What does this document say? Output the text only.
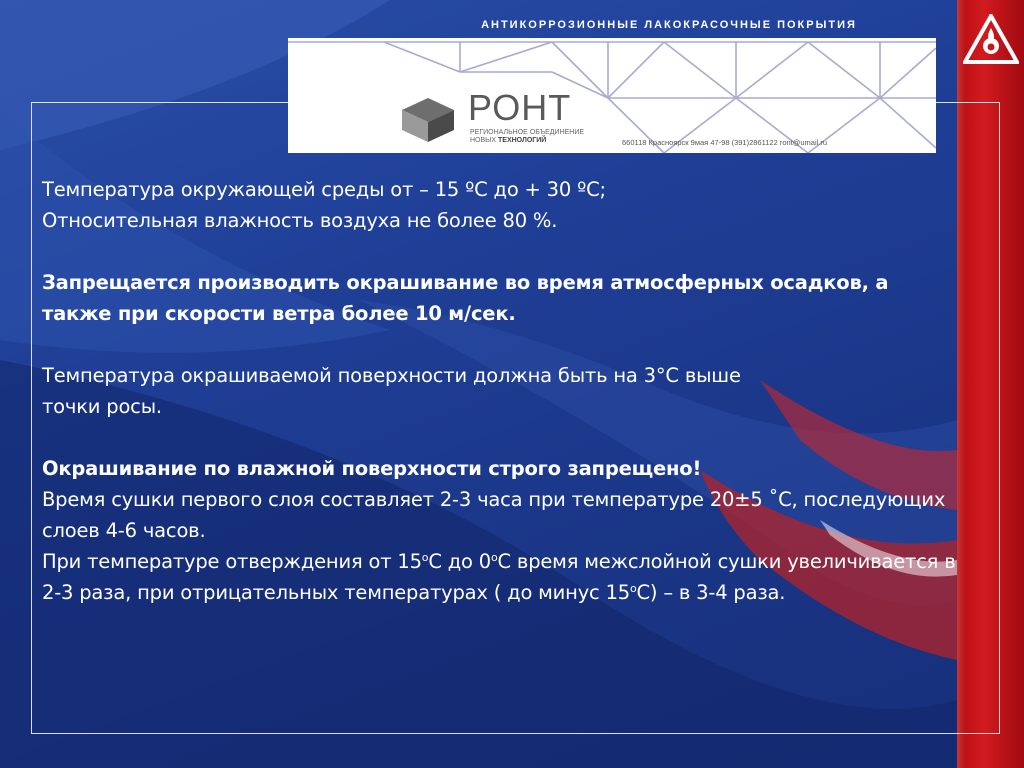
АНТИКОРРОЗИОННЫЕ ЛАКОКРАСОЧНЫЕ ПОКРЫТИЯ
РОНТ
РЕГИОНАЛЬНОЕ ОБЪЕДИНЕНИЕ
НОВЫХ ТЕХНОЛОГИЙ	660118 Красноярск 9мая 47-98 (391)2861122 ront@umail.ru

Температура окружающей среды от – 15 ºС до + 30 ºС;

Относительная влажность воздуха не более 80 %.

Запрещается производить окрашивание во время атмосферных осадков, а также при скорости ветра более 10 м/сек.

Температура окрашиваемой поверхности должна быть на 3°С выше

точки росы.

Окрашивание по влажной поверхности строго запрещено!

Время сушки первого слоя составляет 2-3 часа при температуре 20±5 ˚С, последующих слоев 4-6 часов.

При температуре отверждения от $15^оС$ до $0^оС$ время межслойной сушки увеличивается в 2-3 раза, при отрицательных температурах ( до минус $15^оС$) – в 3-4 раза.
